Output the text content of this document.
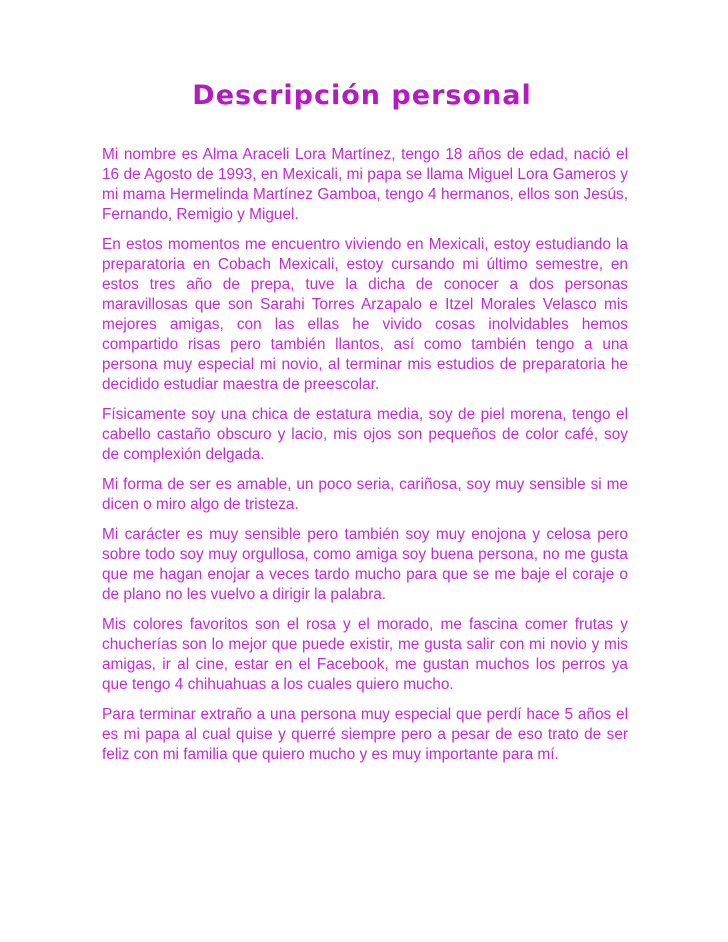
Descripción personal

Mi nombre es Alma Araceli Lora Martínez, tengo 18 años de edad, nació el 16 de Agosto de 1993, en Mexicali, mi papa se llama Miguel Lora Gameros y mi mama Hermelinda Martínez Gamboa, tengo 4 hermanos, ellos son Jesús, Fernando, Remigio y Miguel.

En estos momentos me encuentro viviendo en Mexicali, estoy estudiando la preparatoria en Cobach Mexicali, estoy cursando mi último semestre, en estos tres año de prepa, tuve la dicha de conocer a dos personas maravillosas que son Sarahi Torres Arzapalo e Itzel Morales Velasco mis mejores amigas, con las ellas he vivido cosas inolvidables hemos compartido risas pero también llantos, así como también tengo a una persona muy especial mi novio, al terminar mis estudios de preparatoria he decidido estudiar maestra de preescolar.

Físicamente soy una chica de estatura media, soy de piel morena, tengo el cabello castaño obscuro y lacio, mis ojos son pequeños de color café, soy de complexión delgada.

Mi forma de ser es amable, un poco seria, cariñosa, soy muy sensible si me dicen o miro algo de tristeza.

Mi carácter es muy sensible pero también soy muy enojona y celosa pero sobre todo soy muy orgullosa, como amiga soy buena persona, no me gusta que me hagan enojar a veces tardo mucho para que se me baje el coraje o de plano no les vuelvo a dirigir la palabra.

Mis colores favoritos son el rosa y el morado, me fascina comer frutas y chucherías son lo mejor que puede existir, me gusta salir con mi novio y mis amigas, ir al cine, estar en el Facebook, me gustan muchos los perros ya que tengo 4 chihuahuas a los cuales quiero mucho.

Para terminar extraño a una persona muy especial que perdí hace 5 años el es mi papa al cual quise y querré siempre pero a pesar de eso trato de ser feliz con mi familia que quiero mucho y es muy importante para mí.
